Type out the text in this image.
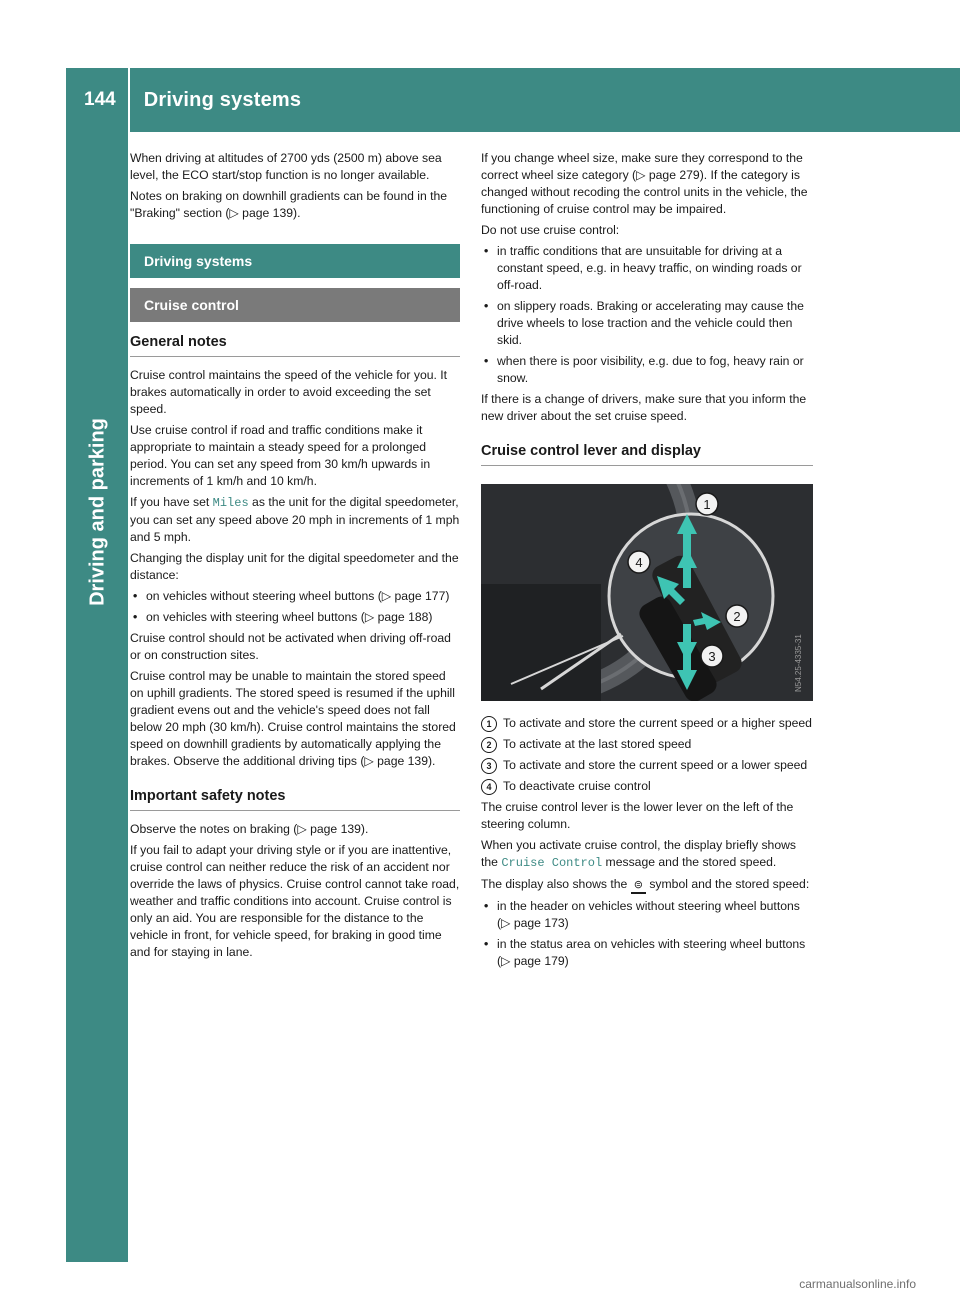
144 Driving systems
Driving and parking

When driving at altitudes of 2700 yds (2500 m) above sea level, the ECO start/stop function is no longer available.

Notes on braking on downhill gradients can be found in the "Braking" section (▷ page 139).

Driving systems
Cruise control
General notes

Cruise control maintains the speed of the vehicle for you. It brakes automatically in order to avoid exceeding the set speed.

Use cruise control if road and traffic conditions make it appropriate to maintain a steady speed for a prolonged period. You can set any speed from 30 km/h upwards in increments of 1 km/h and 10 km/h.

If you have set Miles as the unit for the digital speedometer, you can set any speed above 20 mph in increments of 1 mph and 5 mph.

Changing the display unit for the digital speedometer and the distance:

• on vehicles without steering wheel buttons (▷ page 177)
• on vehicles with steering wheel buttons (▷ page 188)

Cruise control should not be activated when driving off-road or on construction sites.

Cruise control may be unable to maintain the stored speed on uphill gradients. The stored speed is resumed if the uphill gradient evens out and the vehicle's speed does not fall below 20 mph (30 km/h). Cruise control maintains the stored speed on downhill gradients by automatically applying the brakes. Observe the additional driving tips (▷ page 139).

Important safety notes

Observe the notes on braking (▷ page 139).

If you fail to adapt your driving style or if you are inattentive, cruise control can neither reduce the risk of an accident nor override the laws of physics. Cruise control cannot take road, weather and traffic conditions into account. Cruise control is only an aid. You are responsible for the distance to the vehicle in front, for vehicle speed, for braking in good time and for staying in lane.

If you change wheel size, make sure they correspond to the correct wheel size category (▷ page 279). If the category is changed without recoding the control units in the vehicle, the functioning of cruise control may be impaired.

Do not use cruise control:

• in traffic conditions that are unsuitable for driving at a constant speed, e.g. in heavy traffic, on winding roads or off-road.
• on slippery roads. Braking or accelerating may cause the drive wheels to lose traction and the vehicle could then skid.
• when there is poor visibility, e.g. due to fog, heavy rain or snow.

If there is a change of drivers, make sure that you inform the new driver about the set cruise speed.

Cruise control lever and display
1
4
2
3	N54.25-4335-31
1 To activate and store the current speed or a higher speed
2 To activate at the last stored speed
3 To activate and store the current speed or a lower speed
4 To deactivate cruise control

The cruise control lever is the lower lever on the left of the steering column.

When you activate cruise control, the display briefly shows the Cruise Control message and the stored speed.

The display also shows the ⊜ symbol and the stored speed:

• in the header on vehicles without steering wheel buttons (▷ page 173)
• in the status area on vehicles with steering wheel buttons (▷ page 179)
carmanualsonline.info
